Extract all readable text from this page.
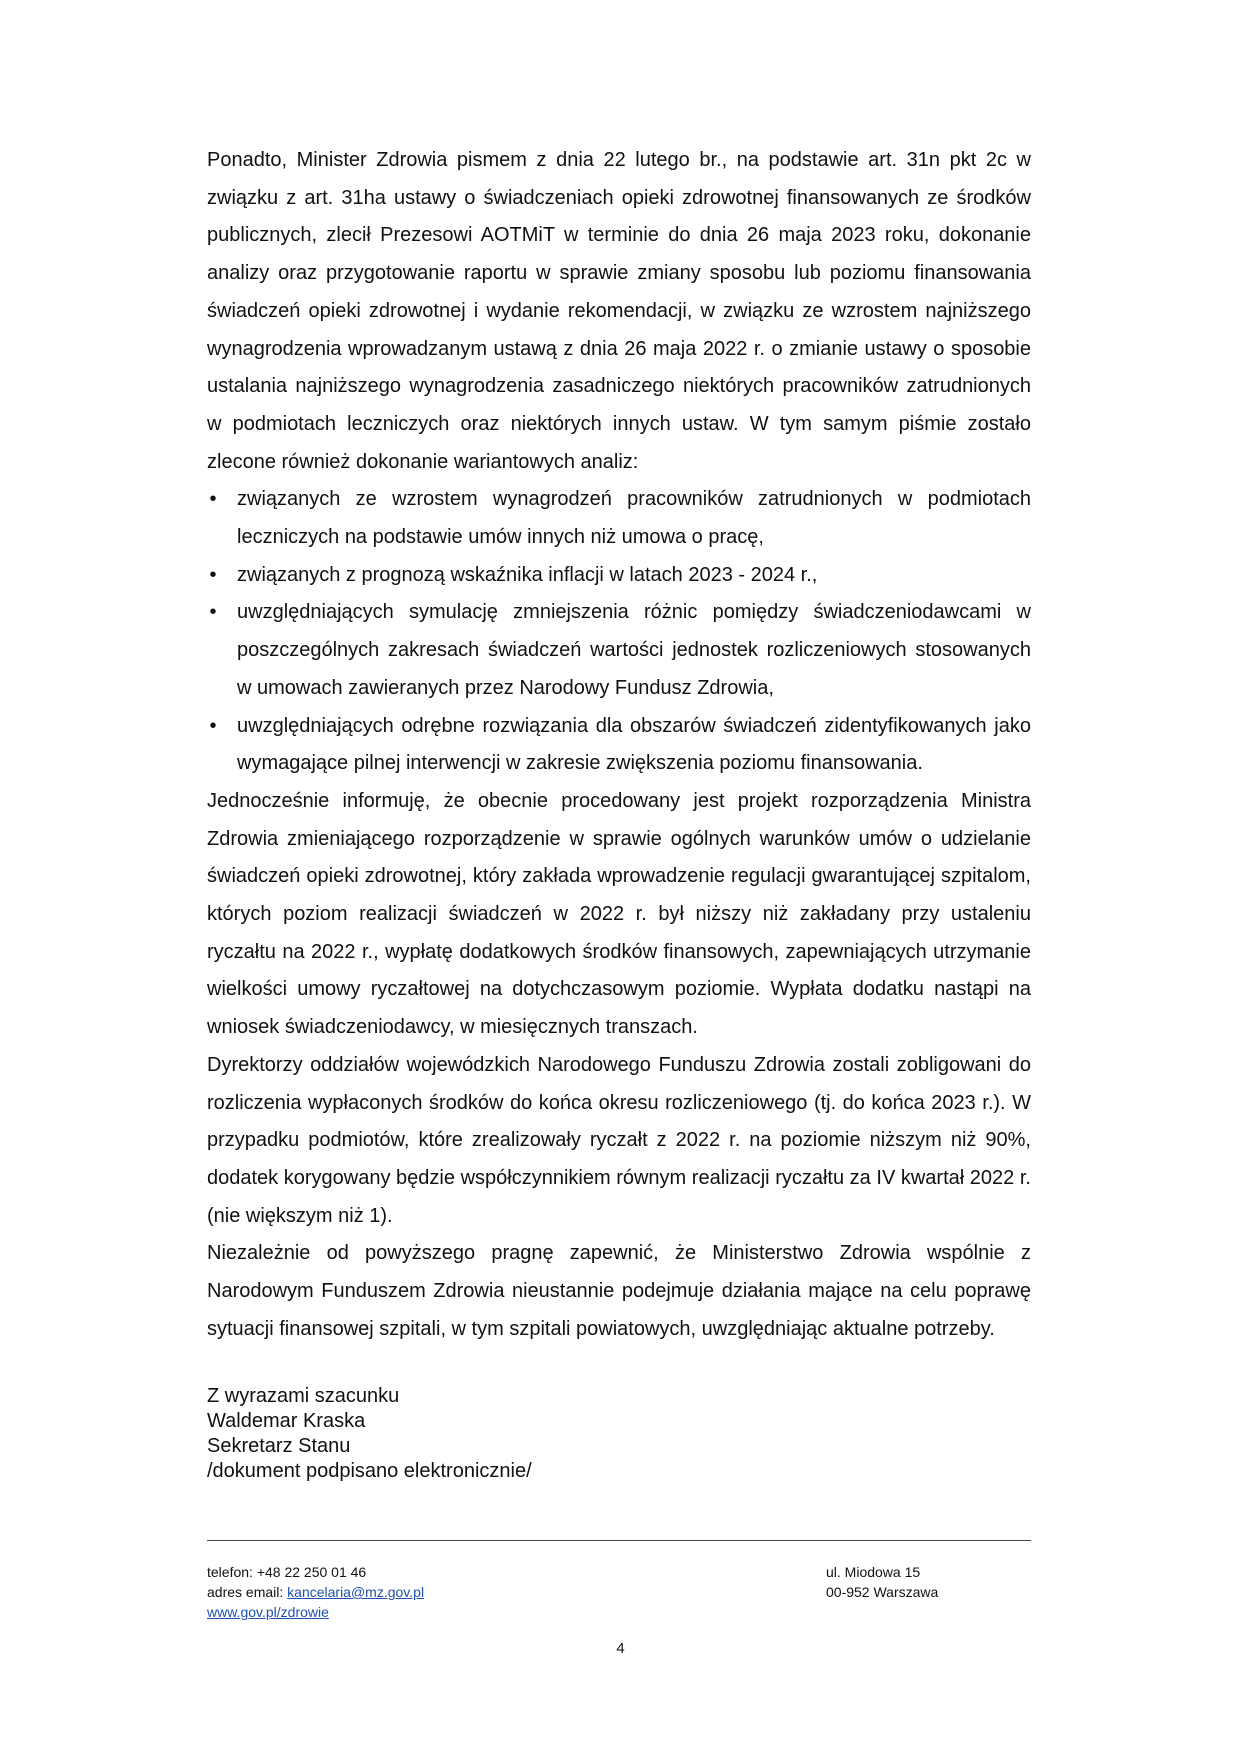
Ponadto, Minister Zdrowia pismem z dnia 22 lutego br., na podstawie art. 31n pkt 2c w związku z art. 31ha ustawy o świadczeniach opieki zdrowotnej finansowanych ze środków publicznych, zlecił Prezesowi AOTMiT w terminie do dnia 26 maja 2023 roku, dokonanie analizy oraz przygotowanie raportu w sprawie zmiany sposobu lub poziomu finansowania świadczeń opieki zdrowotnej i wydanie rekomendacji, w związku ze wzrostem najniższego wynagrodzenia wprowadzanym ustawą z dnia 26 maja 2022 r. o zmianie ustawy o sposobie ustalania najniższego wynagrodzenia zasadniczego niektórych pracowników zatrudnionych w podmiotach leczniczych oraz niektórych innych ustaw. W tym samym piśmie zostało zlecone również dokonanie wariantowych analiz:

• związanych ze wzrostem wynagrodzeń pracowników zatrudnionych w podmiotach leczniczych na podstawie umów innych niż umowa o pracę,
• związanych z prognozą wskaźnika inflacji w latach 2023 - 2024 r.,
• uwzględniających symulację zmniejszenia różnic pomiędzy świadczeniodawcami w poszczególnych zakresach świadczeń wartości jednostek rozliczeniowych stosowanych w umowach zawieranych przez Narodowy Fundusz Zdrowia,
• uwzględniających odrębne rozwiązania dla obszarów świadczeń zidentyfikowanych jako wymagające pilnej interwencji w zakresie zwiększenia poziomu finansowania.

Jednocześnie informuję, że obecnie procedowany jest projekt rozporządzenia Ministra Zdrowia zmieniającego rozporządzenie w sprawie ogólnych warunków umów o udzielanie świadczeń opieki zdrowotnej, który zakłada wprowadzenie regulacji gwarantującej szpitalom, których poziom realizacji świadczeń w 2022 r. był niższy niż zakładany przy ustaleniu ryczałtu na 2022 r., wypłatę dodatkowych środków finansowych, zapewniających utrzymanie wielkości umowy ryczałtowej na dotychczasowym poziomie. Wypłata dodatku nastąpi na wniosek świadczeniodawcy, w miesięcznych transzach.

Dyrektorzy oddziałów wojewódzkich Narodowego Funduszu Zdrowia zostali zobligowani do rozliczenia wypłaconych środków do końca okresu rozliczeniowego (tj. do końca 2023 r.). W przypadku podmiotów, które zrealizowały ryczałt z 2022 r. na poziomie niższym niż 90%, dodatek korygowany będzie współczynnikiem równym realizacji ryczałtu za IV kwartał 2022 r. (nie większym niż 1).

Niezależnie od powyższego pragnę zapewnić, że Ministerstwo Zdrowia wspólnie z Narodowym Funduszem Zdrowia nieustannie podejmuje działania mające na celu poprawę sytuacji finansowej szpitali, w tym szpitali powiatowych, uwzględniając aktualne potrzeby.

Z wyrazami szacunku
Waldemar Kraska
Sekretarz Stanu
/dokument podpisano elektronicznie/
telefon: +48 22 250 01 46
adres email: kancelaria@mz.gov.pl
www.gov.pl/zdrowie
ul. Miodowa 15
00-952 Warszawa
4
